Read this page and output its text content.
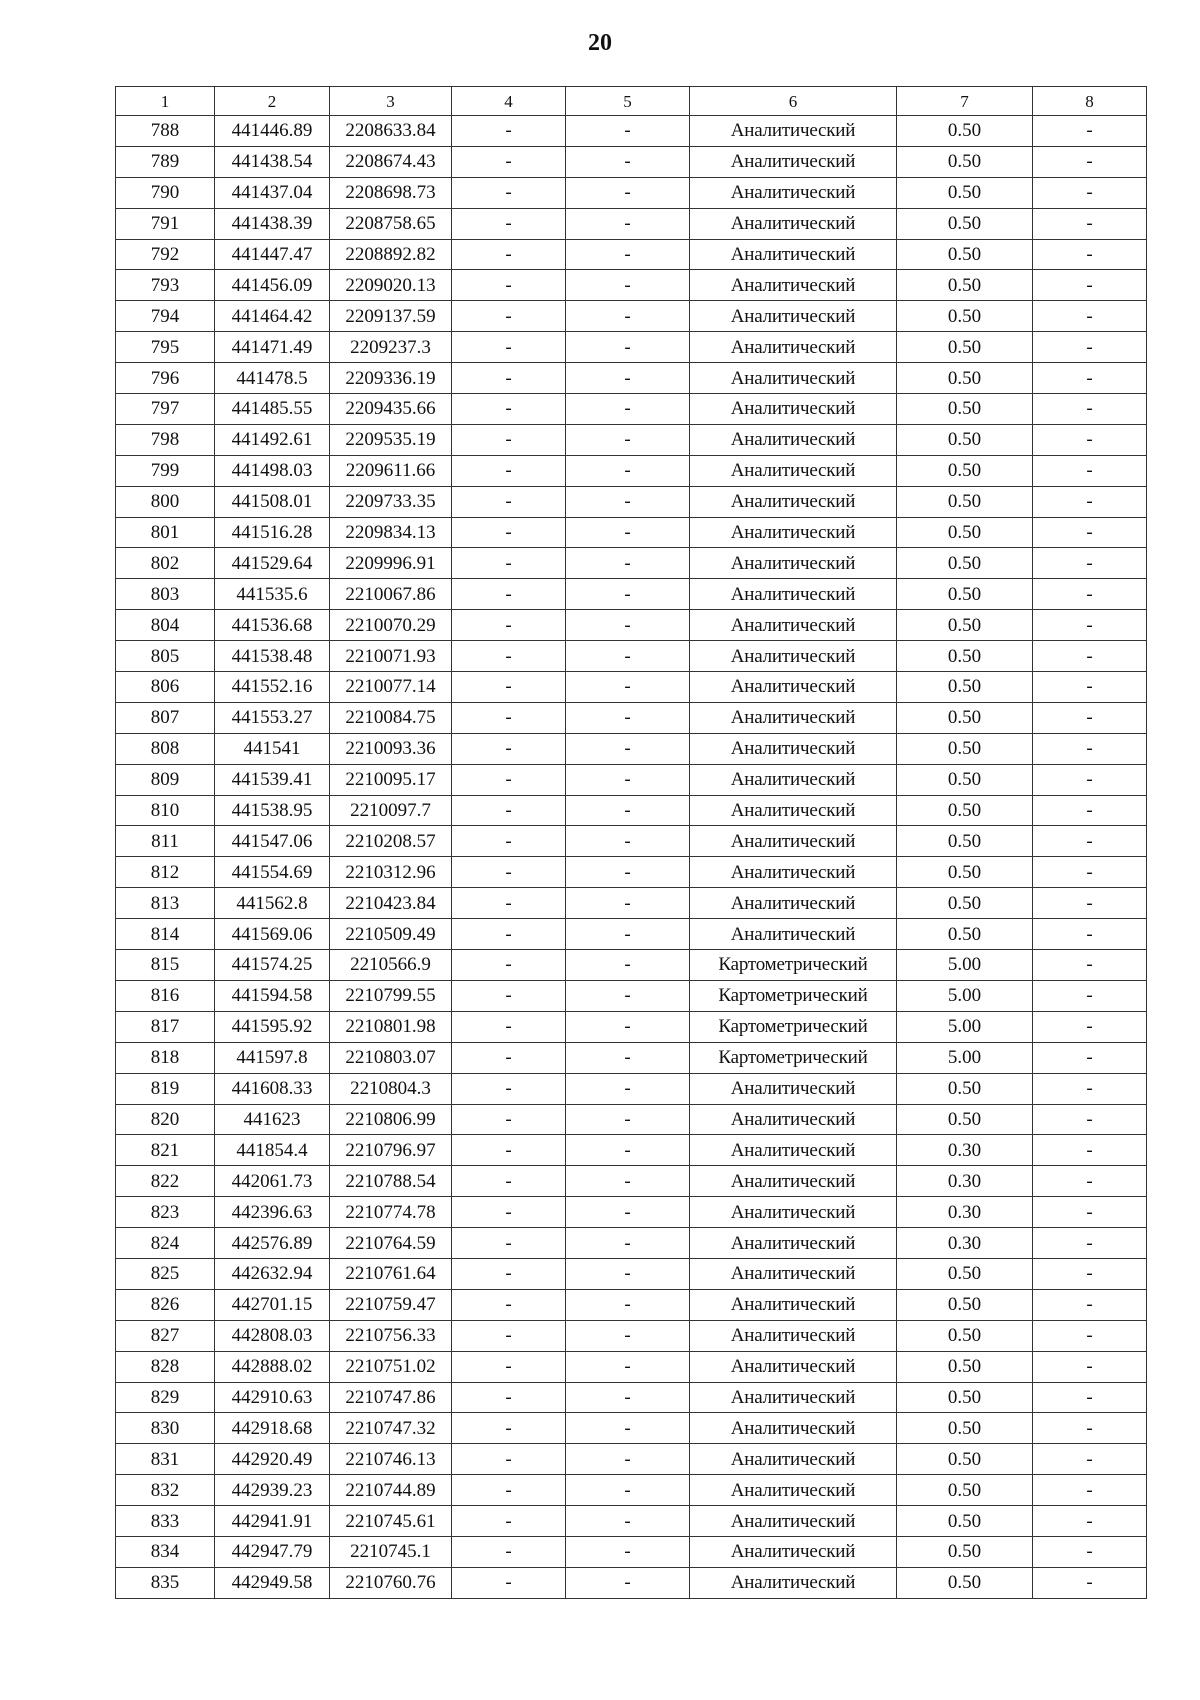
20
1	2	3	4	5	6	7	8
788	441446.89	2208633.84	-	-	Аналитический	0.50	-
789	441438.54	2208674.43	-	-	Аналитический	0.50	-
790	441437.04	2208698.73	-	-	Аналитический	0.50	-
791	441438.39	2208758.65	-	-	Аналитический	0.50	-
792	441447.47	2208892.82	-	-	Аналитический	0.50	-
793	441456.09	2209020.13	-	-	Аналитический	0.50	-
794	441464.42	2209137.59	-	-	Аналитический	0.50	-
795	441471.49	2209237.3	-	-	Аналитический	0.50	-
796	441478.5	2209336.19	-	-	Аналитический	0.50	-
797	441485.55	2209435.66	-	-	Аналитический	0.50	-
798	441492.61	2209535.19	-	-	Аналитический	0.50	-
799	441498.03	2209611.66	-	-	Аналитический	0.50	-
800	441508.01	2209733.35	-	-	Аналитический	0.50	-
801	441516.28	2209834.13	-	-	Аналитический	0.50	-
802	441529.64	2209996.91	-	-	Аналитический	0.50	-
803	441535.6	2210067.86	-	-	Аналитический	0.50	-
804	441536.68	2210070.29	-	-	Аналитический	0.50	-
805	441538.48	2210071.93	-	-	Аналитический	0.50	-
806	441552.16	2210077.14	-	-	Аналитический	0.50	-
807	441553.27	2210084.75	-	-	Аналитический	0.50	-
808	441541	2210093.36	-	-	Аналитический	0.50	-
809	441539.41	2210095.17	-	-	Аналитический	0.50	-
810	441538.95	2210097.7	-	-	Аналитический	0.50	-
811	441547.06	2210208.57	-	-	Аналитический	0.50	-
812	441554.69	2210312.96	-	-	Аналитический	0.50	-
813	441562.8	2210423.84	-	-	Аналитический	0.50	-
814	441569.06	2210509.49	-	-	Аналитический	0.50	-
815	441574.25	2210566.9	-	-	Картометрический	5.00	-
816	441594.58	2210799.55	-	-	Картометрический	5.00	-
817	441595.92	2210801.98	-	-	Картометрический	5.00	-
818	441597.8	2210803.07	-	-	Картометрический	5.00	-
819	441608.33	2210804.3	-	-	Аналитический	0.50	-
820	441623	2210806.99	-	-	Аналитический	0.50	-
821	441854.4	2210796.97	-	-	Аналитический	0.30	-
822	442061.73	2210788.54	-	-	Аналитический	0.30	-
823	442396.63	2210774.78	-	-	Аналитический	0.30	-
824	442576.89	2210764.59	-	-	Аналитический	0.30	-
825	442632.94	2210761.64	-	-	Аналитический	0.50	-
826	442701.15	2210759.47	-	-	Аналитический	0.50	-
827	442808.03	2210756.33	-	-	Аналитический	0.50	-
828	442888.02	2210751.02	-	-	Аналитический	0.50	-
829	442910.63	2210747.86	-	-	Аналитический	0.50	-
830	442918.68	2210747.32	-	-	Аналитический	0.50	-
831	442920.49	2210746.13	-	-	Аналитический	0.50	-
832	442939.23	2210744.89	-	-	Аналитический	0.50	-
833	442941.91	2210745.61	-	-	Аналитический	0.50	-
834	442947.79	2210745.1	-	-	Аналитический	0.50	-
835	442949.58	2210760.76	-	-	Аналитический	0.50	-
